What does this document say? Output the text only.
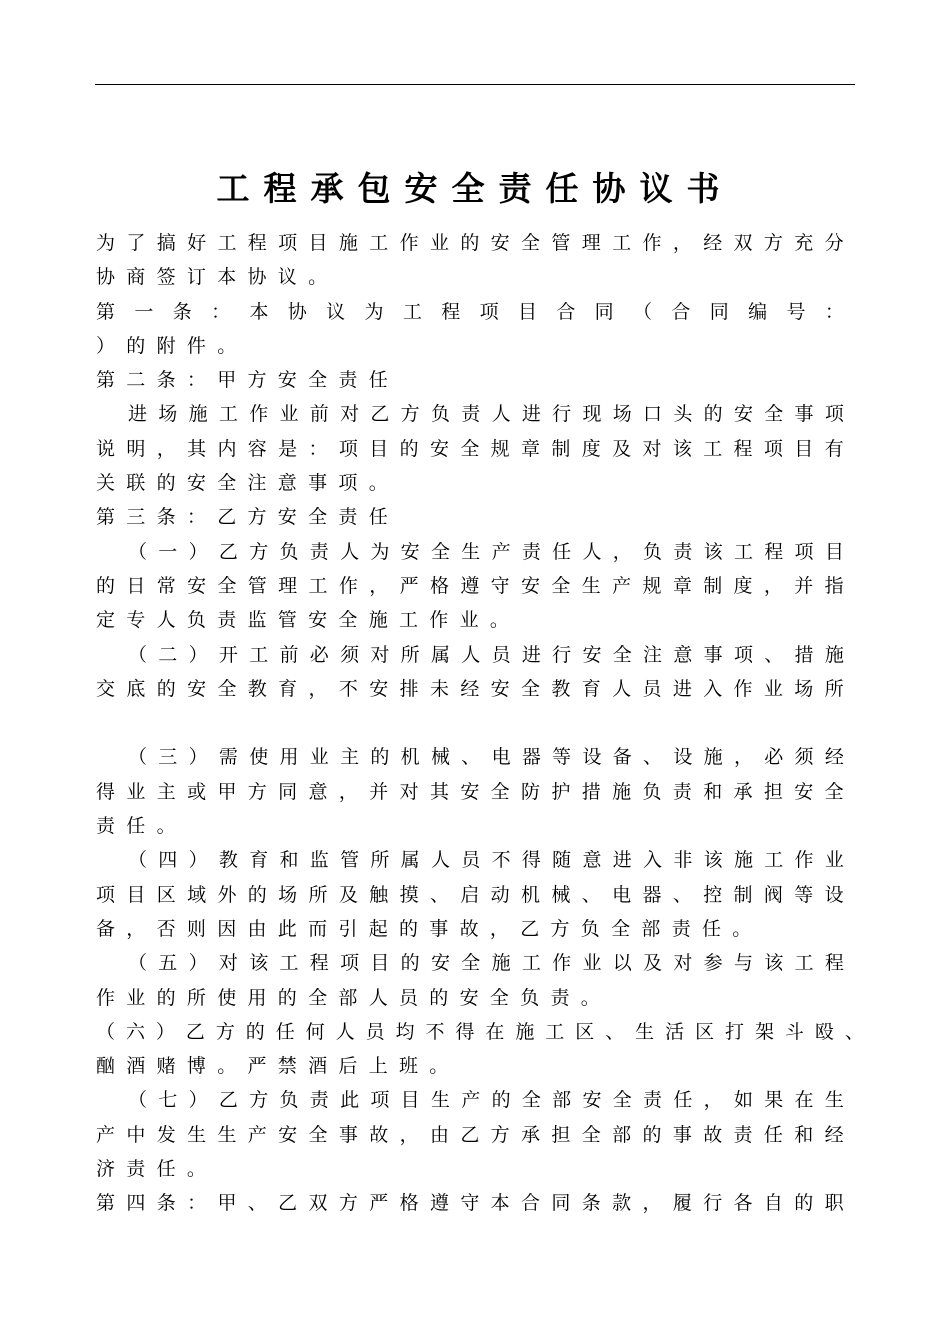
工程承包安全责任协议书
为 了 搞 好 工 程 项 目 施 工 作 业 的 安 全 管 理 工 作 ， 经 双 方 充 分
协商签订本协议。
第 一 条 ： 本 协 议 为 工 程 项 目 合 同 （ 合 同 编 号 ：
）的附件。
第二条：甲方安全责任
进 场 施 工 作 业 前 对 乙 方 负 责 人 进 行 现 场 口 头 的 安 全 事 项
说 明 ， 其 内 容 是 ： 项 目 的 安 全 规 章 制 度 及 对 该 工 程 项 目 有
关联的安全注意事项。
第三条：乙方安全责任
（ 一 ） 乙 方 负 责 人 为 安 全 生 产 责 任 人 ， 负 责 该 工 程 项 目
的 日 常 安 全 管 理 工 作 ， 严 格 遵 守 安 全 生 产 规 章 制 度 ， 并 指
定专人负责监管安全施工作业。
（ 二 ） 开 工 前 必 须 对 所 属 人 员 进 行 安 全 注 意 事 项 、 措 施
交 底 的 安 全 教 育 ， 不 安 排 未 经 安 全 教 育 人 员 进 入 作 业 场 所
（ 三 ） 需 使 用 业 主 的 机 械 、 电 器 等 设 备 、 设 施 ， 必 须 经
得 业 主 或 甲 方 同 意 ， 并 对 其 安 全 防 护 措 施 负 责 和 承 担 安 全
责任。
（ 四 ） 教 育 和 监 管 所 属 人 员 不 得 随 意 进 入 非 该 施 工 作 业
项 目 区 域 外 的 场 所 及 触 摸 、 启 动 机 械 、 电 器 、 控 制 阀 等 设
备，否则因由此而引起的事故，乙方负全部责任。
（ 五 ） 对 该 工 程 项 目 的 安 全 施 工 作 业 以 及 对 参 与 该 工 程
作业的所使用的全部人员的安全负责。
（ 六 ） 乙 方 的 任 何 人 员 均 不 得 在 施 工 区 、 生 活 区 打 架 斗 殴 、
酗酒赌博。严禁酒后上班。
（ 七 ） 乙 方 负 责 此 项 目 生 产 的 全 部 安 全 责 任 ， 如 果 在 生
产 中 发 生 生 产 安 全 事 故 ， 由 乙 方 承 担 全 部 的 事 故 责 任 和 经
济责任。
第 四 条 ： 甲 、 乙 双 方 严 格 遵 守 本 合 同 条 款 ， 履 行 各 自 的 职
